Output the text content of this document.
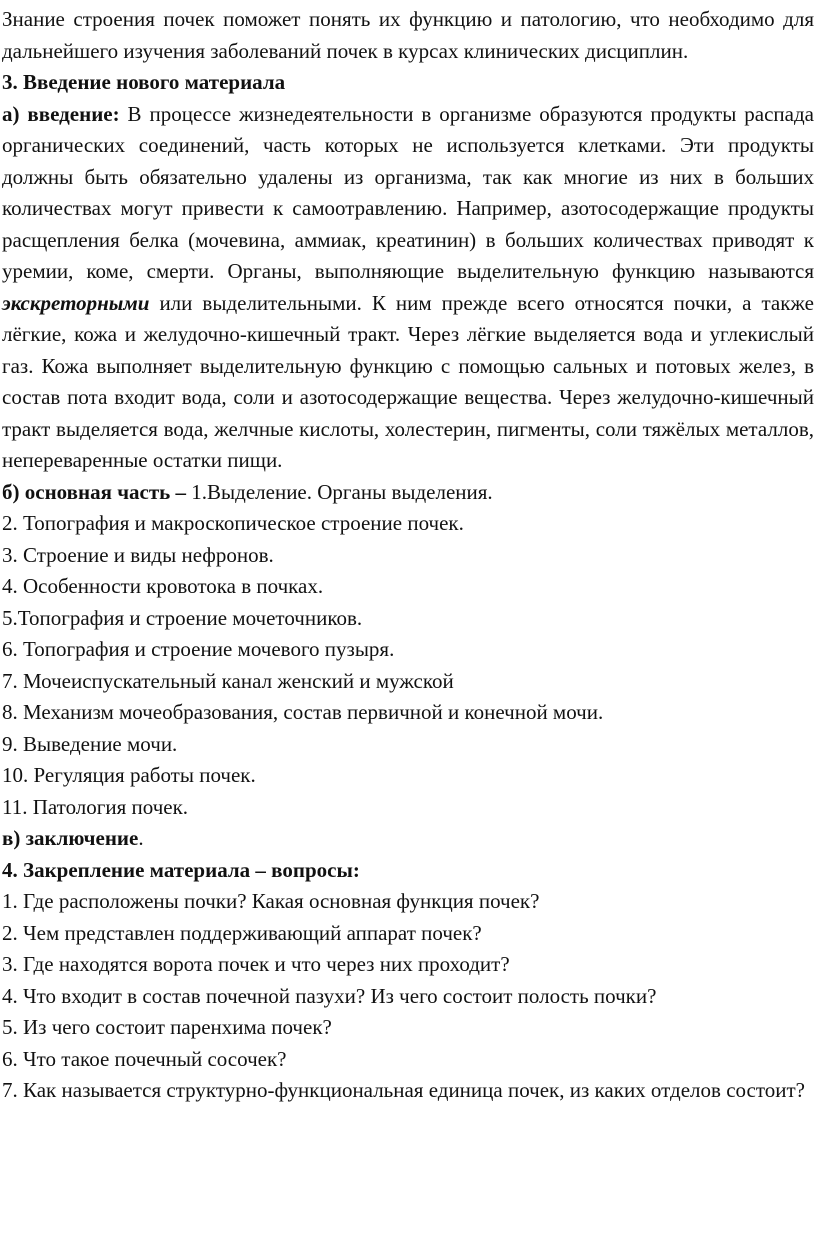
Знание строения почек поможет понять их функцию и патологию, что необходимо для дальнейшего изучения заболеваний почек в курсах клинических дисциплин.

3. Введение нового материала

а) введение: В процессе жизнедеятельности в организме образуются продукты распада органических соединений, часть которых не используется клетками. Эти продукты должны быть обязательно удалены из организма, так как многие из них в больших количествах могут привести к самоотравлению. Например, азотосодержащие продукты расщепления белка (мочевина, аммиак, креатинин) в больших количествах приводят к уремии, коме, смерти. Органы, выполняющие выделительную функцию называются экскреторными или выделительными. К ним прежде всего относятся почки, а также лёгкие, кожа и желудочно-кишечный тракт. Через лёгкие выделяется вода и углекислый газ. Кожа выполняет выделительную функцию с помощью сальных и потовых желез, в состав пота входит вода, соли и азотосодержащие вещества. Через желудочно-кишечный тракт выделяется вода, желчные кислоты, холестерин, пигменты, соли тяжёлых металлов, непереваренные остатки пищи.

б) основная часть – 1.Выделение. Органы выделения.

2. Топография и макроскопическое строение почек.

3. Строение и виды нефронов.

4. Особенности кровотока в почках.

5.Топография и строение мочеточников.

6. Топография и строение мочевого пузыря.

7. Мочеиспускательный канал женский и мужской

8. Механизм мочеобразования, состав первичной и конечной мочи.

9. Выведение мочи.

10. Регуляция работы почек.

11. Патология почек.

в) заключение.

4. Закрепление материала – вопросы:

1. Где расположены почки? Какая основная функция почек?

2. Чем представлен поддерживающий аппарат почек?

3. Где находятся ворота почек и что через них проходит?

4. Что входит в состав почечной пазухи? Из чего состоит полость почки?

5. Из чего состоит паренхима почек?

6. Что такое почечный сосочек?

7. Как называется структурно-функциональная единица почек, из каких отделов состоит?
